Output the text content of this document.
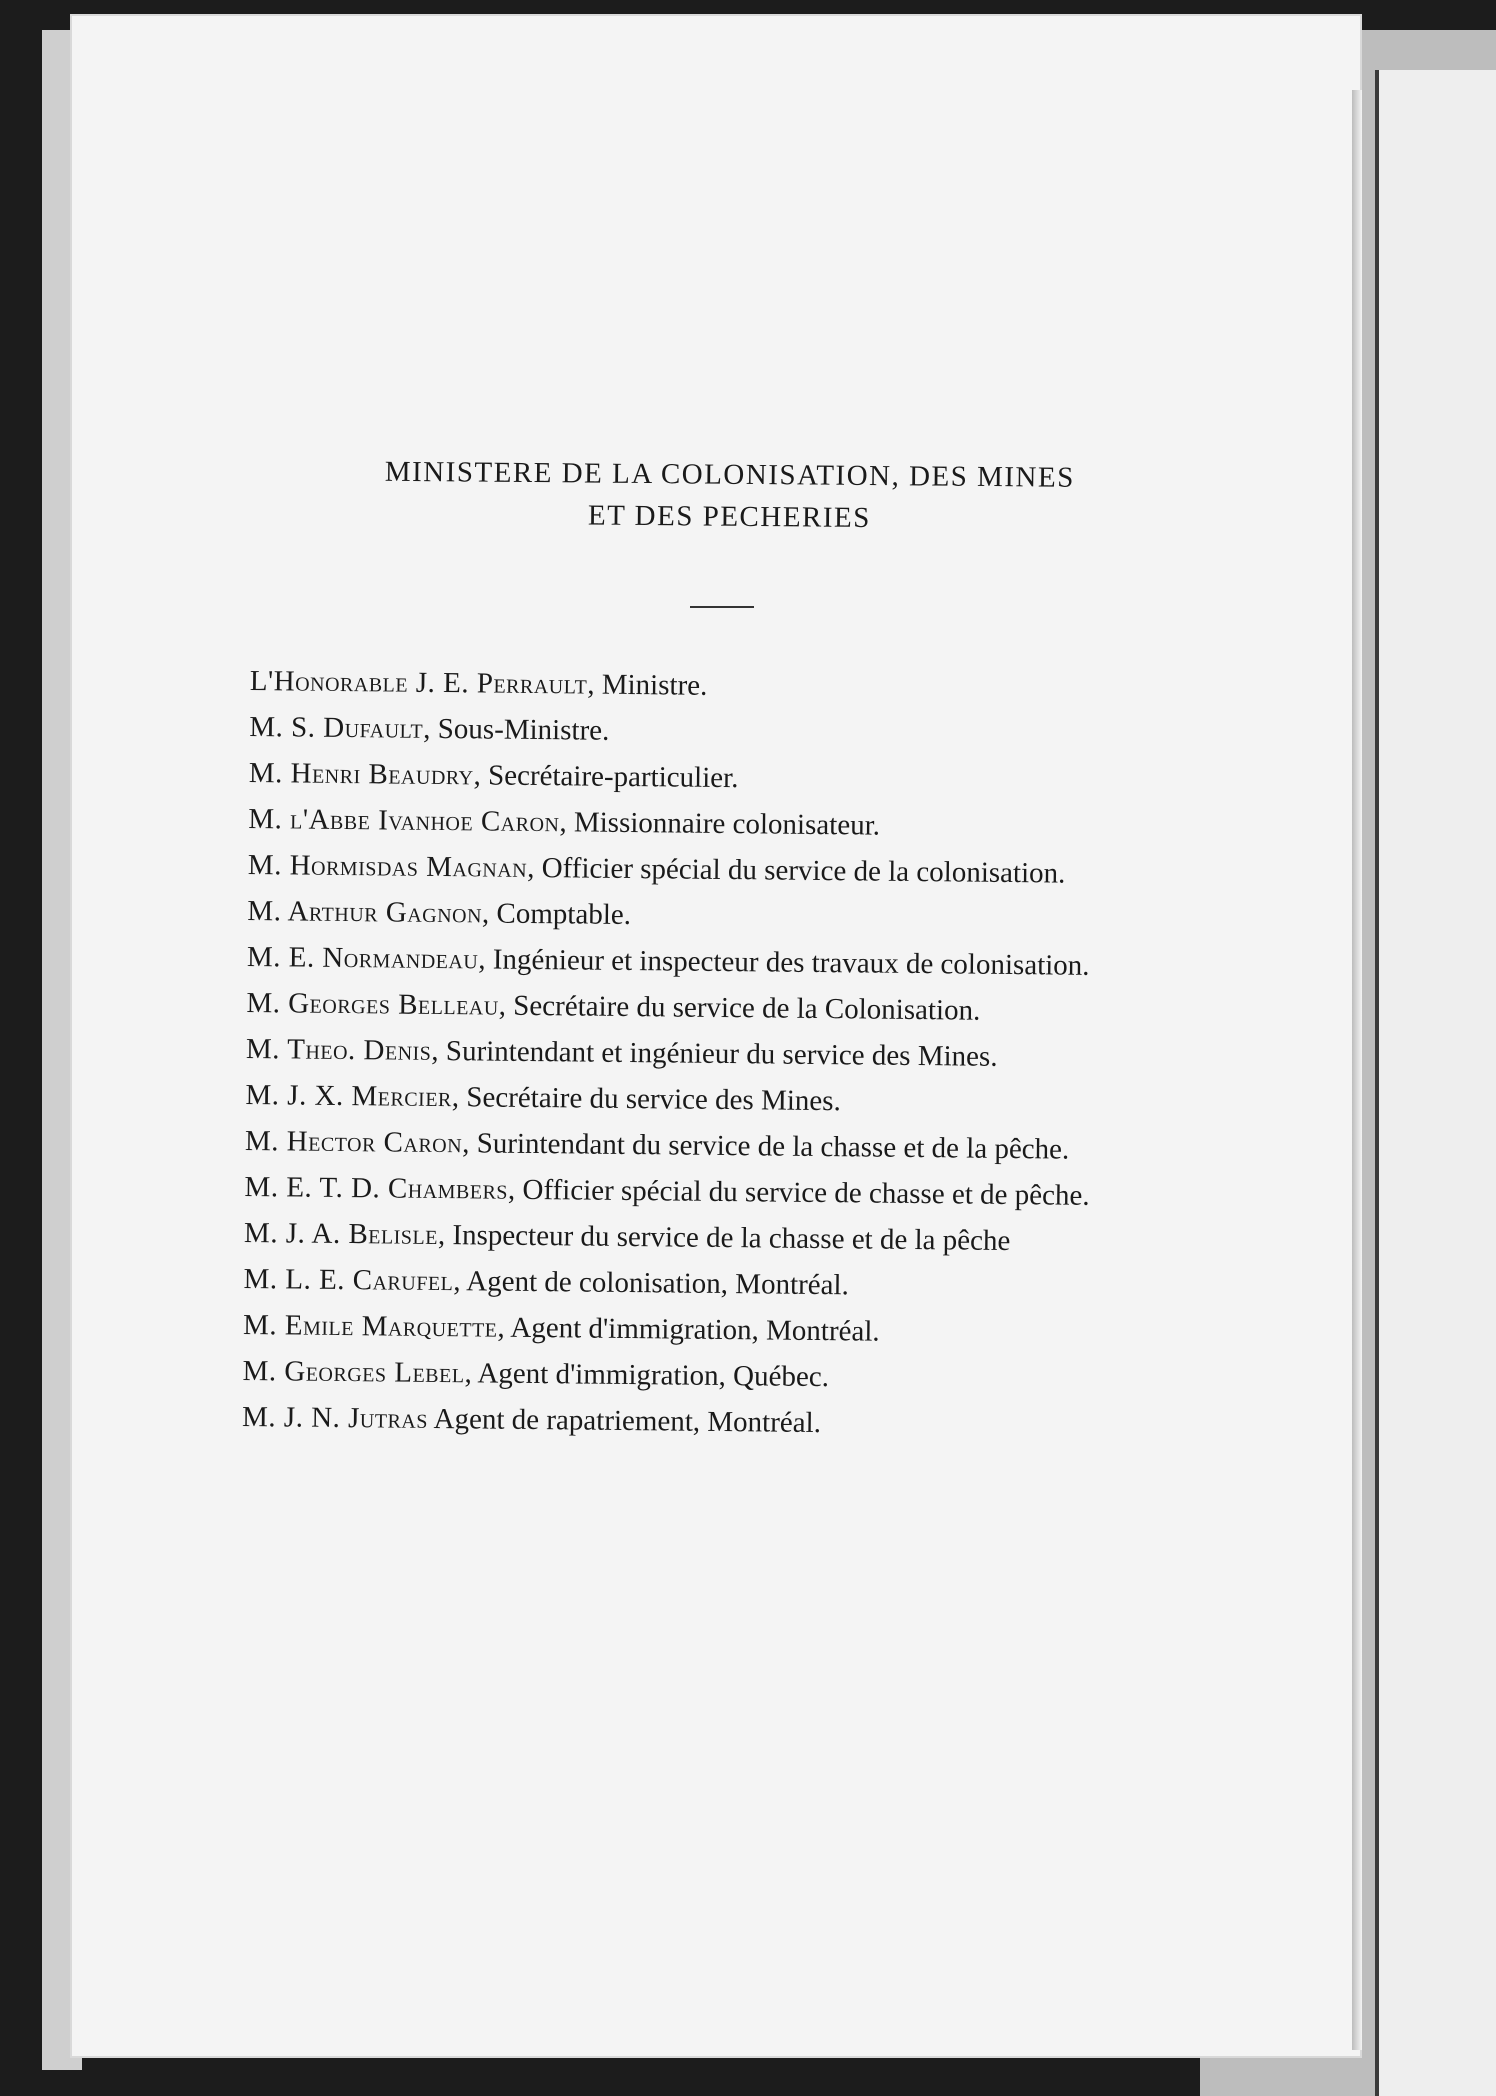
MINISTERE DE LA COLONISATION, DES MINES
ET DES PECHERIES
L'Honorable J. E. Perrault, Ministre.
M. S. Dufault, Sous-Ministre.
M. Henri Beaudry, Secrétaire-particulier.
M. l'Abbe Ivanhoe Caron, Missionnaire colonisateur.
M. Hormisdas Magnan, Officier spécial du service de la colonisation.
M. Arthur Gagnon, Comptable.
M. E. Normandeau, Ingénieur et inspecteur des travaux de colonisation.
M. Georges Belleau, Secrétaire du service de la Colonisation.
M. Theo. Denis, Surintendant et ingénieur du service des Mines.
M. J. X. Mercier, Secrétaire du service des Mines.
M. Hector Caron, Surintendant du service de la chasse et de la pêche.
M. E. T. D. Chambers, Officier spécial du service de chasse et de pêche.
M. J. A. Belisle, Inspecteur du service de la chasse et de la pêche
M. L. E. Carufel, Agent de colonisation, Montréal.
M. Emile Marquette, Agent d'immigration, Montréal.
M. Georges Lebel, Agent d'immigration, Québec.
M. J. N. Jutras Agent de rapatriement, Montréal.
